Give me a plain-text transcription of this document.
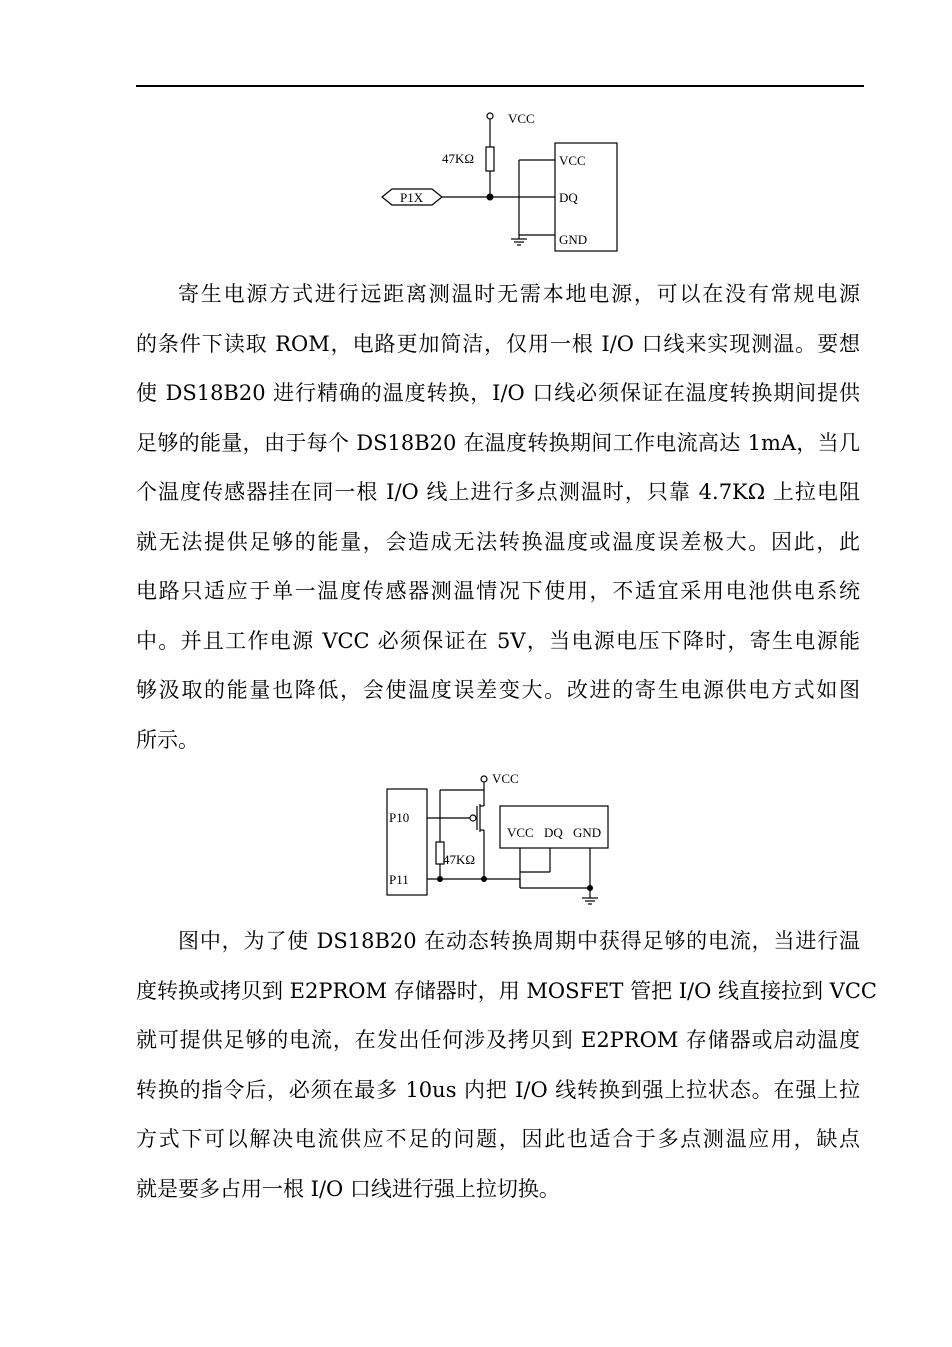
VCC
47KΩ
P1X
VCC
DQ
GND
寄生电源方式进行远距离测温时无需本地电源，可以在没有常规电源
的条件下读取 ROM，电路更加简洁，仅用一根 I/O 口线来实现测温。要想
使 DS18B20 进行精确的温度转换，I/O 口线必须保证在温度转换期间提供
足够的能量，由于每个 DS18B20 在温度转换期间工作电流高达 1mA，当几
个温度传感器挂在同一根 I/O 线上进行多点测温时，只靠 4.7KΩ 上拉电阻
就无法提供足够的能量，会造成无法转换温度或温度误差极大。因此，此
电路只适应于单一温度传感器测温情况下使用，不适宜采用电池供电系统
中。并且工作电源 VCC 必须保证在 5V，当电源电压下降时，寄生电源能
够汲取的能量也降低，会使温度误差变大。改进的寄生电源供电方式如图
所示。
VCC
P10
P11
47KΩ
VCC DQ GND
图中，为了使 DS18B20 在动态转换周期中获得足够的电流，当进行温
度转换或拷贝到 E2PROM 存储器时，用 MOSFET 管把 I/O 线直接拉到 VCC
就可提供足够的电流，在发出任何涉及拷贝到 E2PROM 存储器或启动温度
转换的指令后，必须在最多 10us 内把 I/O 线转换到强上拉状态。在强上拉
方式下可以解决电流供应不足的问题，因此也适合于多点测温应用，缺点
就是要多占用一根 I/O 口线进行强上拉切换。
